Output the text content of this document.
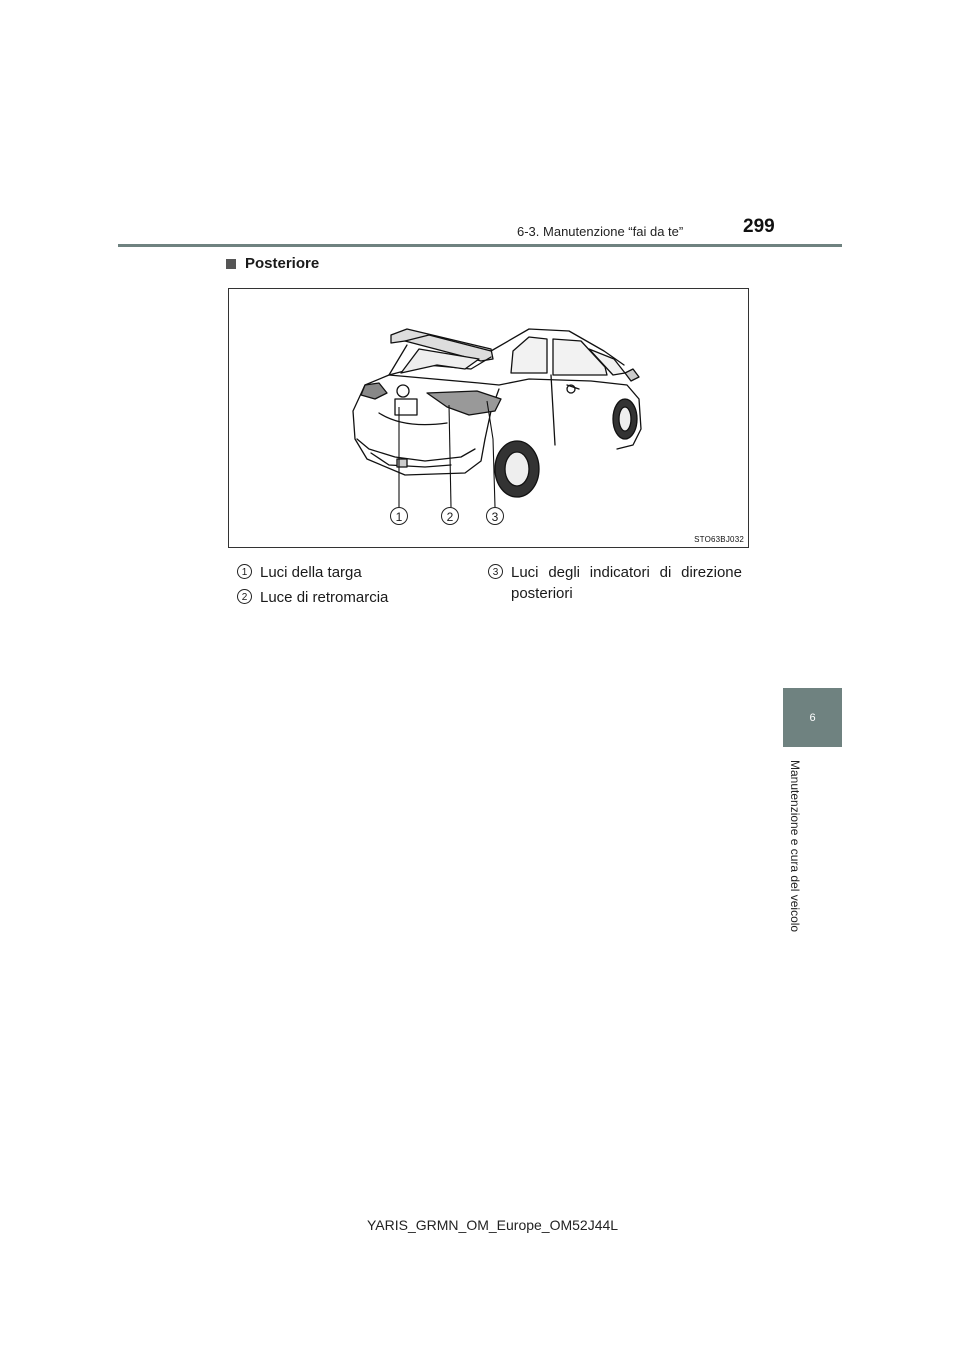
6-3. Manutenzione “fai da te”	299
Posteriore
1	2	3
STO63BJ032
1 Luci della targa
2 Luce di retromarcia
3 Luci degli indicatori di direzione
posteriori
6
Manutenzione e cura del veicolo
YARIS_GRMN_OM_Europe_OM52J44L
